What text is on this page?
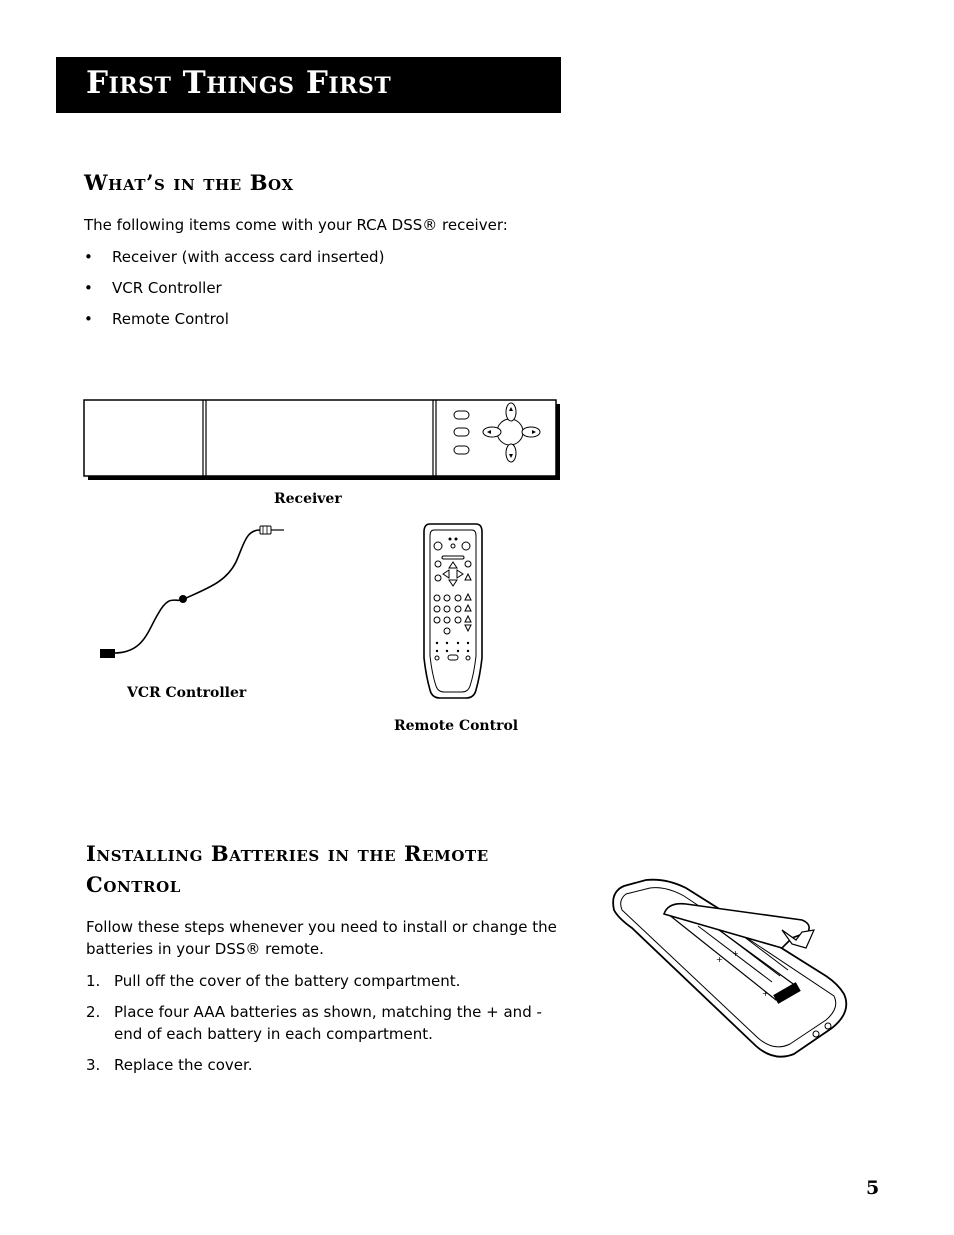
First Things First
What’s in the Box
The following items come with your RCA DSS® receiver:
• Receiver (with access card inserted)
• VCR Controller
• Remote Control
Receiver
VCR Controller
Remote Control
Installing Batteries in the Remote
Control
Follow these steps whenever you need to install or change the batteries in your DSS® remote.
1. Pull off the cover of the battery compartment.
2. Place four AAA batteries as shown, matching the + and - end of each battery in each compartment.
3. Replace the cover.
+
+
+
5
